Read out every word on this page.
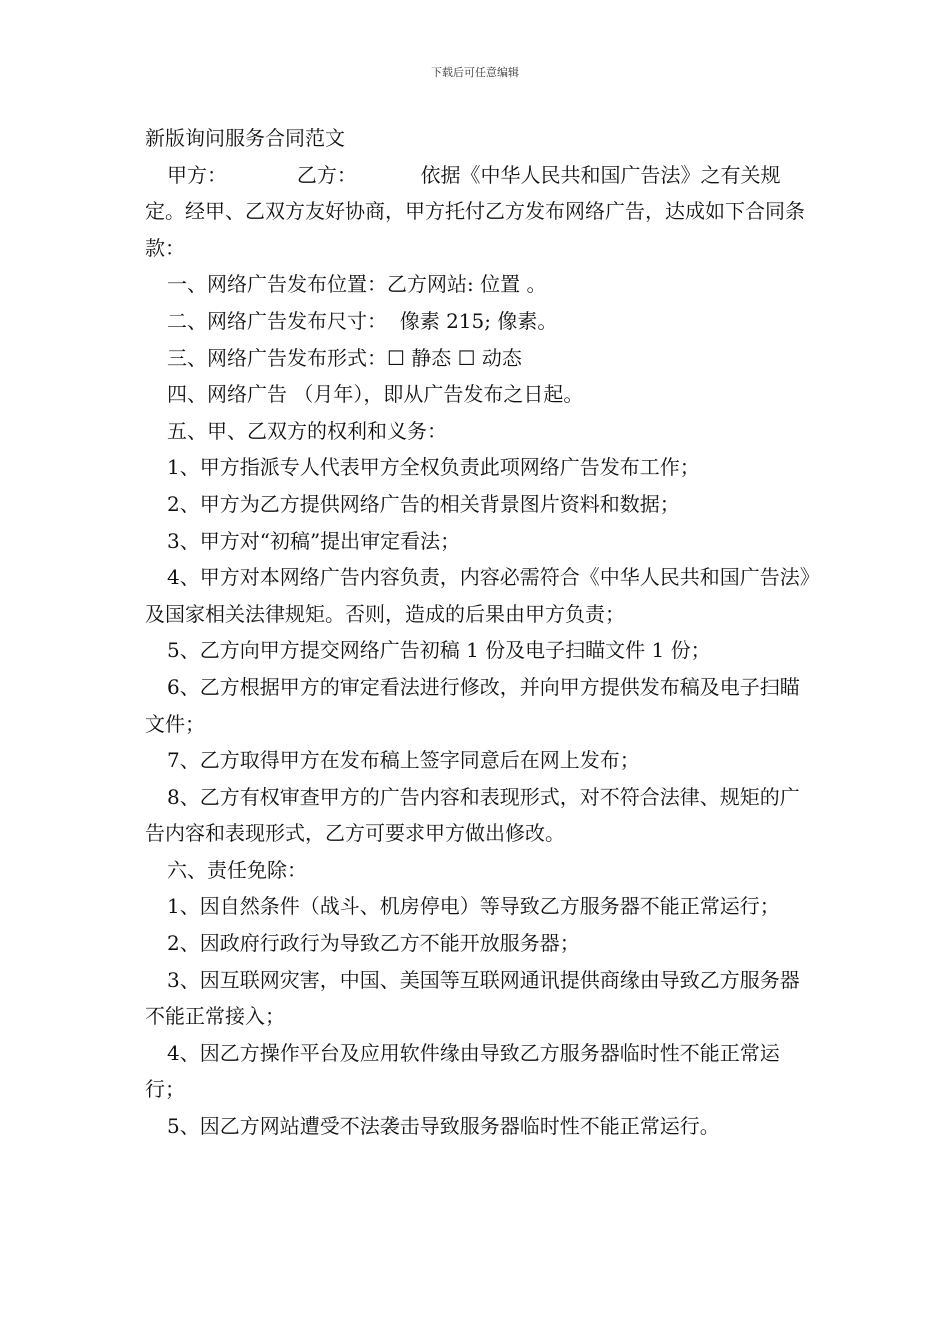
下载后可任意编辑

新版询问服务合同范文

甲方：           乙方：          依据《中华人民共和国广告法》之有关规定。经甲、乙双方友好协商，甲方托付乙方发布网络广告，达成如下合同条款：

一、网络广告发布位置：乙方网站: 位置 。

二、网络广告发布尺寸：  像素 215; 像素。

三、网络广告发布形式：☐ 静态 ☐ 动态

四、网络广告 （月年），即从广告发布之日起。

五、甲、乙双方的权利和义务：

1、甲方指派专人代表甲方全权负责此项网络广告发布工作；

2、甲方为乙方提供网络广告的相关背景图片资料和数据；

3、甲方对“初稿”提出审定看法；

4、甲方对本网络广告内容负责，内容必需符合《中华人民共和国广告法》及国家相关法律规矩。否则，造成的后果由甲方负责；

5、乙方向甲方提交网络广告初稿 1 份及电子扫瞄文件 1 份；

6、乙方根据甲方的审定看法进行修改，并向甲方提供发布稿及电子扫瞄文件；

7、乙方取得甲方在发布稿上签字同意后在网上发布；

8、乙方有权审查甲方的广告内容和表现形式，对不符合法律、规矩的广告内容和表现形式，乙方可要求甲方做出修改。

六、责任免除：

1、因自然条件（战斗、机房停电）等导致乙方服务器不能正常运行；

2、因政府行政行为导致乙方不能开放服务器；

3、因互联网灾害，中国、美国等互联网通讯提供商缘由导致乙方服务器不能正常接入；

4、因乙方操作平台及应用软件缘由导致乙方服务器临时性不能正常运行；

5、因乙方网站遭受不法袭击导致服务器临时性不能正常运行。
